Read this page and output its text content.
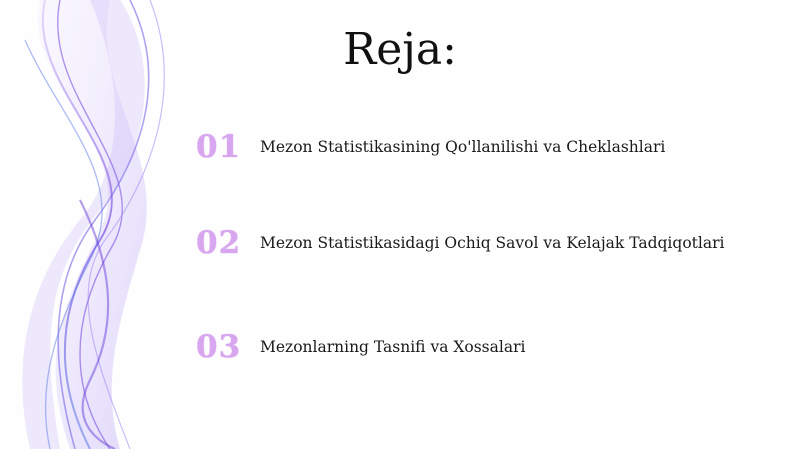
Reja:
01	Mezon Statistikasining Qo'llanilishi va Cheklashlari
02	Mezon Statistikasidagi Ochiq Savol va Kelajak Tadqiqotlari
03	Mezonlarning Tasnifi va Xossalari
